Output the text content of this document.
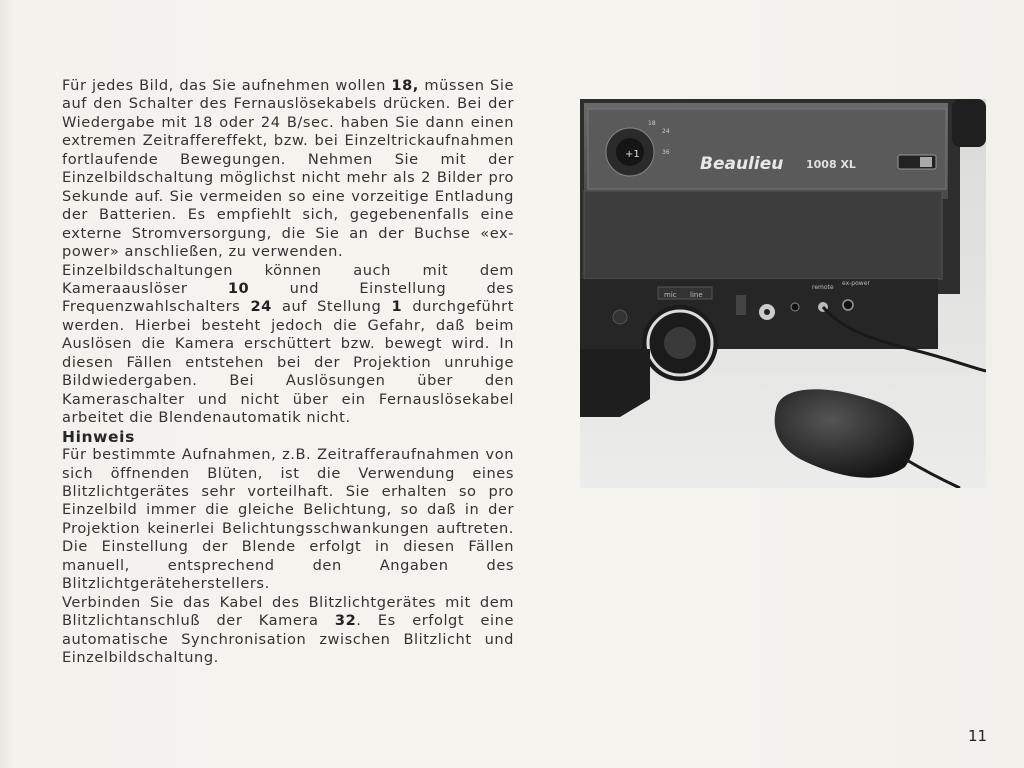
Für jedes Bild, das Sie aufnehmen wollen 18, müssen Sie auf den Schalter des Fernauslösekabels drücken. Bei der Wiedergabe mit 18 oder 24 B/sec. haben Sie dann einen extremen Zeitraffereffekt, bzw. bei Einzeltrickaufnahmen fortlaufende Bewegungen. Nehmen Sie mit der Einzelbildschaltung möglichst nicht mehr als 2 Bilder pro Sekunde auf. Sie vermeiden so eine vorzeitige Entladung der Batterien. Es empfiehlt sich, gegebenenfalls eine externe Stromversorgung, die Sie an der Buchse «ex-power» anschließen, zu verwenden.

Einzelbildschaltungen können auch mit dem Kameraauslöser 10 und Einstellung des Frequenzwahlschalters 24 auf Stellung 1 durchgeführt werden. Hierbei besteht jedoch die Gefahr, daß beim Auslösen die Kamera erschüttert bzw. bewegt wird. In diesen Fällen entstehen bei der Projektion unruhige Bildwiedergaben. Bei Auslösungen über den Kameraschalter und nicht über ein Fernauslösekabel arbeitet die Blendenautomatik nicht.

Hinweis

Für bestimmte Aufnahmen, z.B. Zeitrafferaufnahmen von sich öffnenden Blüten, ist die Verwendung eines Blitzlichtgerätes sehr vorteilhaft. Sie erhalten so pro Einzelbild immer die gleiche Belichtung, so daß in der Projektion keinerlei Belichtungsschwankungen auftreten. Die Einstellung der Blende erfolgt in diesen Fällen manuell, entsprechend den Angaben des Blitzlichtgeräteherstellers.

Verbinden Sie das Kabel des Blitzlichtgerätes mit dem Blitzlichtanschluß der Kamera 32. Es erfolgt eine automatische Synchronisation zwischen Blitzlicht und Einzelbildschaltung.

+1
18
24
36
Beaulieu 1008 XL
mic line
remote
ex-power
11
